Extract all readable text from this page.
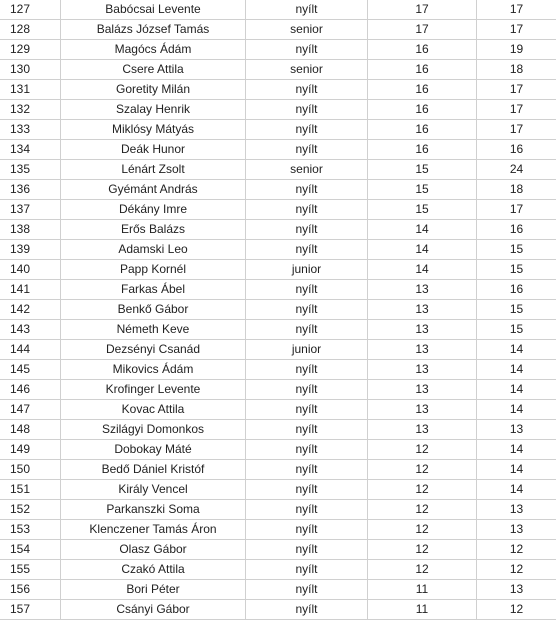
127	Babócsai Levente	nyílt	17	17
128	Balázs József Tamás	senior	17	17
129	Magócs Ádám	nyílt	16	19
130	Csere Attila	senior	16	18
131	Goretity Milán	nyílt	16	17
132	Szalay Henrik	nyílt	16	17
133	Miklósy Mátyás	nyílt	16	17
134	Deák Hunor	nyílt	16	16
135	Lénárt Zsolt	senior	15	24
136	Gyémánt András	nyílt	15	18
137	Dékány Imre	nyílt	15	17
138	Erős Balázs	nyílt	14	16
139	Adamski Leo	nyílt	14	15
140	Papp Kornél	junior	14	15
141	Farkas Ábel	nyílt	13	16
142	Benkő Gábor	nyílt	13	15
143	Németh Keve	nyílt	13	15
144	Dezsényi Csanád	junior	13	14
145	Mikovics Ádám	nyílt	13	14
146	Krofinger Levente	nyílt	13	14
147	Kovac Attila	nyílt	13	14
148	Szilágyi Domonkos	nyílt	13	13
149	Dobokay Máté	nyílt	12	14
150	Bedő Dániel Kristóf	nyílt	12	14
151	Király Vencel	nyílt	12	14
152	Parkanszki Soma	nyílt	12	13
153	Klenczener Tamás Áron	nyílt	12	13
154	Olasz Gábor	nyílt	12	12
155	Czakó Attila	nyílt	12	12
156	Bori Péter	nyílt	11	13
157	Csányi Gábor	nyílt	11	12
